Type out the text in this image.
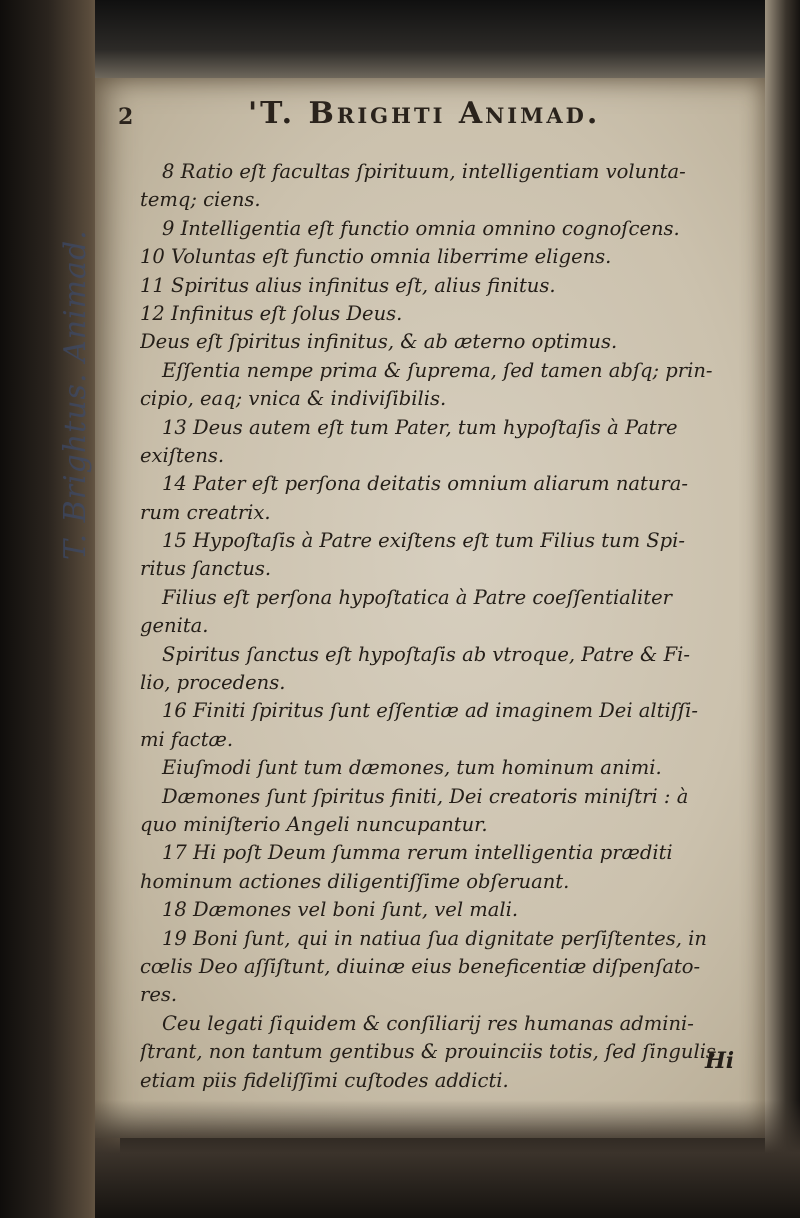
T. Brightus. Animad.
2	'T. Brighti Animad.
8 Ratio eſt facultas ſpirituum, intelligentiam volunta-
temq; ciens.
9 Intelligentia eſt functio omnia omnino cognoſcens.
10 Voluntas eſt functio omnia liberrime eligens.
11 Spiritus alius infinitus eſt, alius finitus.
12 Infinitus eſt ſolus Deus.
Deus eſt ſpiritus infinitus, & ab æterno optimus.
Eſſentia nempe prima & ſuprema, ſed tamen abſq; prin-
cipio, eaq; vnica & indiviſibilis.
13 Deus autem eſt tum Pater, tum hypoſtaſis à Patre
exiſtens.
14 Pater eſt perſona deitatis omnium aliarum natura-
rum creatrix.
15 Hypoſtaſis à Patre exiſtens eſt tum Filius tum Spi-
ritus ſanctus.
Filius eſt perſona hypoſtatica à Patre coeſſentialiter
genita.
Spiritus ſanctus eſt hypoſtaſis ab vtroque, Patre & Fi-
lio, procedens.
16 Finiti ſpiritus ſunt eſſentiæ ad imaginem Dei altiſſi-
mi factæ.
Eiuſmodi ſunt tum dæmones, tum hominum animi.
Dæmones ſunt ſpiritus finiti, Dei creatoris miniſtri : à
quo miniſterio Angeli nuncupantur.
17 Hi poſt Deum ſumma rerum intelligentia præditi
hominum actiones diligentiſſime obſeruant.
18 Dæmones vel boni ſunt, vel mali.
19 Boni ſunt, qui in natiua ſua dignitate perſiſtentes, in
cœlis Deo aſſiſtunt, diuinæ eius beneficentiæ diſpenſato-
res.
Ceu legati ſiquidem & conſiliarij res humanas admini-
ſtrant, non tantum gentibus & prouinciis totis, ſed ſingulis
etiam piis fideliſſimi cuſtodes addicti.
Hi
